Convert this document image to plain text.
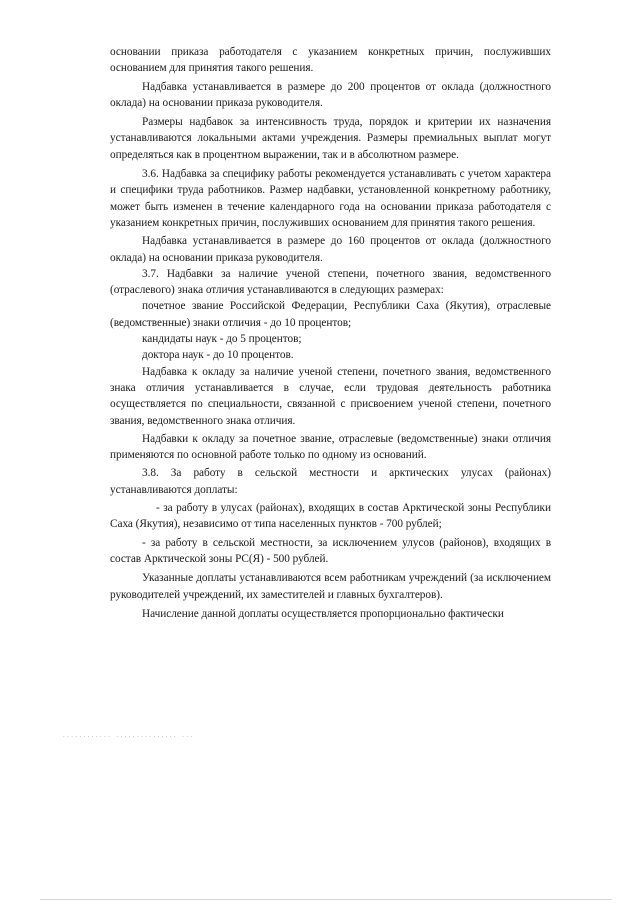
основании приказа работодателя с указанием конкретных причин, послуживших основанием для принятия такого решения.

Надбавка устанавливается в размере до 200 процентов от оклада (должностного оклада) на основании приказа руководителя.

Размеры надбавок за интенсивность труда, порядок и критерии их назначения устанавливаются локальными актами учреждения. Размеры премиальных выплат могут определяться как в процентном выражении, так и в абсолютном размере.

3.6. Надбавка за специфику работы рекомендуется устанавливать с учетом характера и специфики труда работников. Размер надбавки, установленной конкретному работнику, может быть изменен в течение календарного года на основании приказа работодателя с указанием конкретных причин, послуживших основанием для принятия такого решения.

Надбавка устанавливается в размере до 160 процентов от оклада (должностного оклада) на основании приказа руководителя.

3.7. Надбавки за наличие ученой степени, почетного звания, ведомственного (отраслевого) знака отличия устанавливаются в следующих размерах:

почетное звание Российской Федерации, Республики Саха (Якутия), отраслевые (ведомственные) знаки отличия - до 10 процентов;

кандидаты наук - до 5 процентов;

доктора наук - до 10 процентов.

Надбавка к окладу за наличие ученой степени, почетного звания, ведомственного знака отличия устанавливается в случае, если трудовая деятельность работника осуществляется по специальности, связанной с присвоением ученой степени, почетного звания, ведомственного знака отличия.

Надбавки к окладу за почетное звание, отраслевые (ведомственные) знаки отличия применяются по основной работе только по одному из оснований.

3.8. За работу в сельской местности и арктических улусах (районах) устанавливаются доплаты:

- за работу в улусах (районах), входящих в состав Арктической зоны Республики Саха (Якутия), независимо от типа населенных пунктов - 700 рублей;

- за работу в сельской местности, за исключением улусов (районов), входящих в состав Арктической зоны РС(Я) - 500 рублей.

Указанные доплаты устанавливаются всем работникам учреждений (за исключением руководителей учреждений, их заместителей и главных бухгалтеров).

Начисление данной доплаты осуществляется пропорционально фактически

............ ............... ...
